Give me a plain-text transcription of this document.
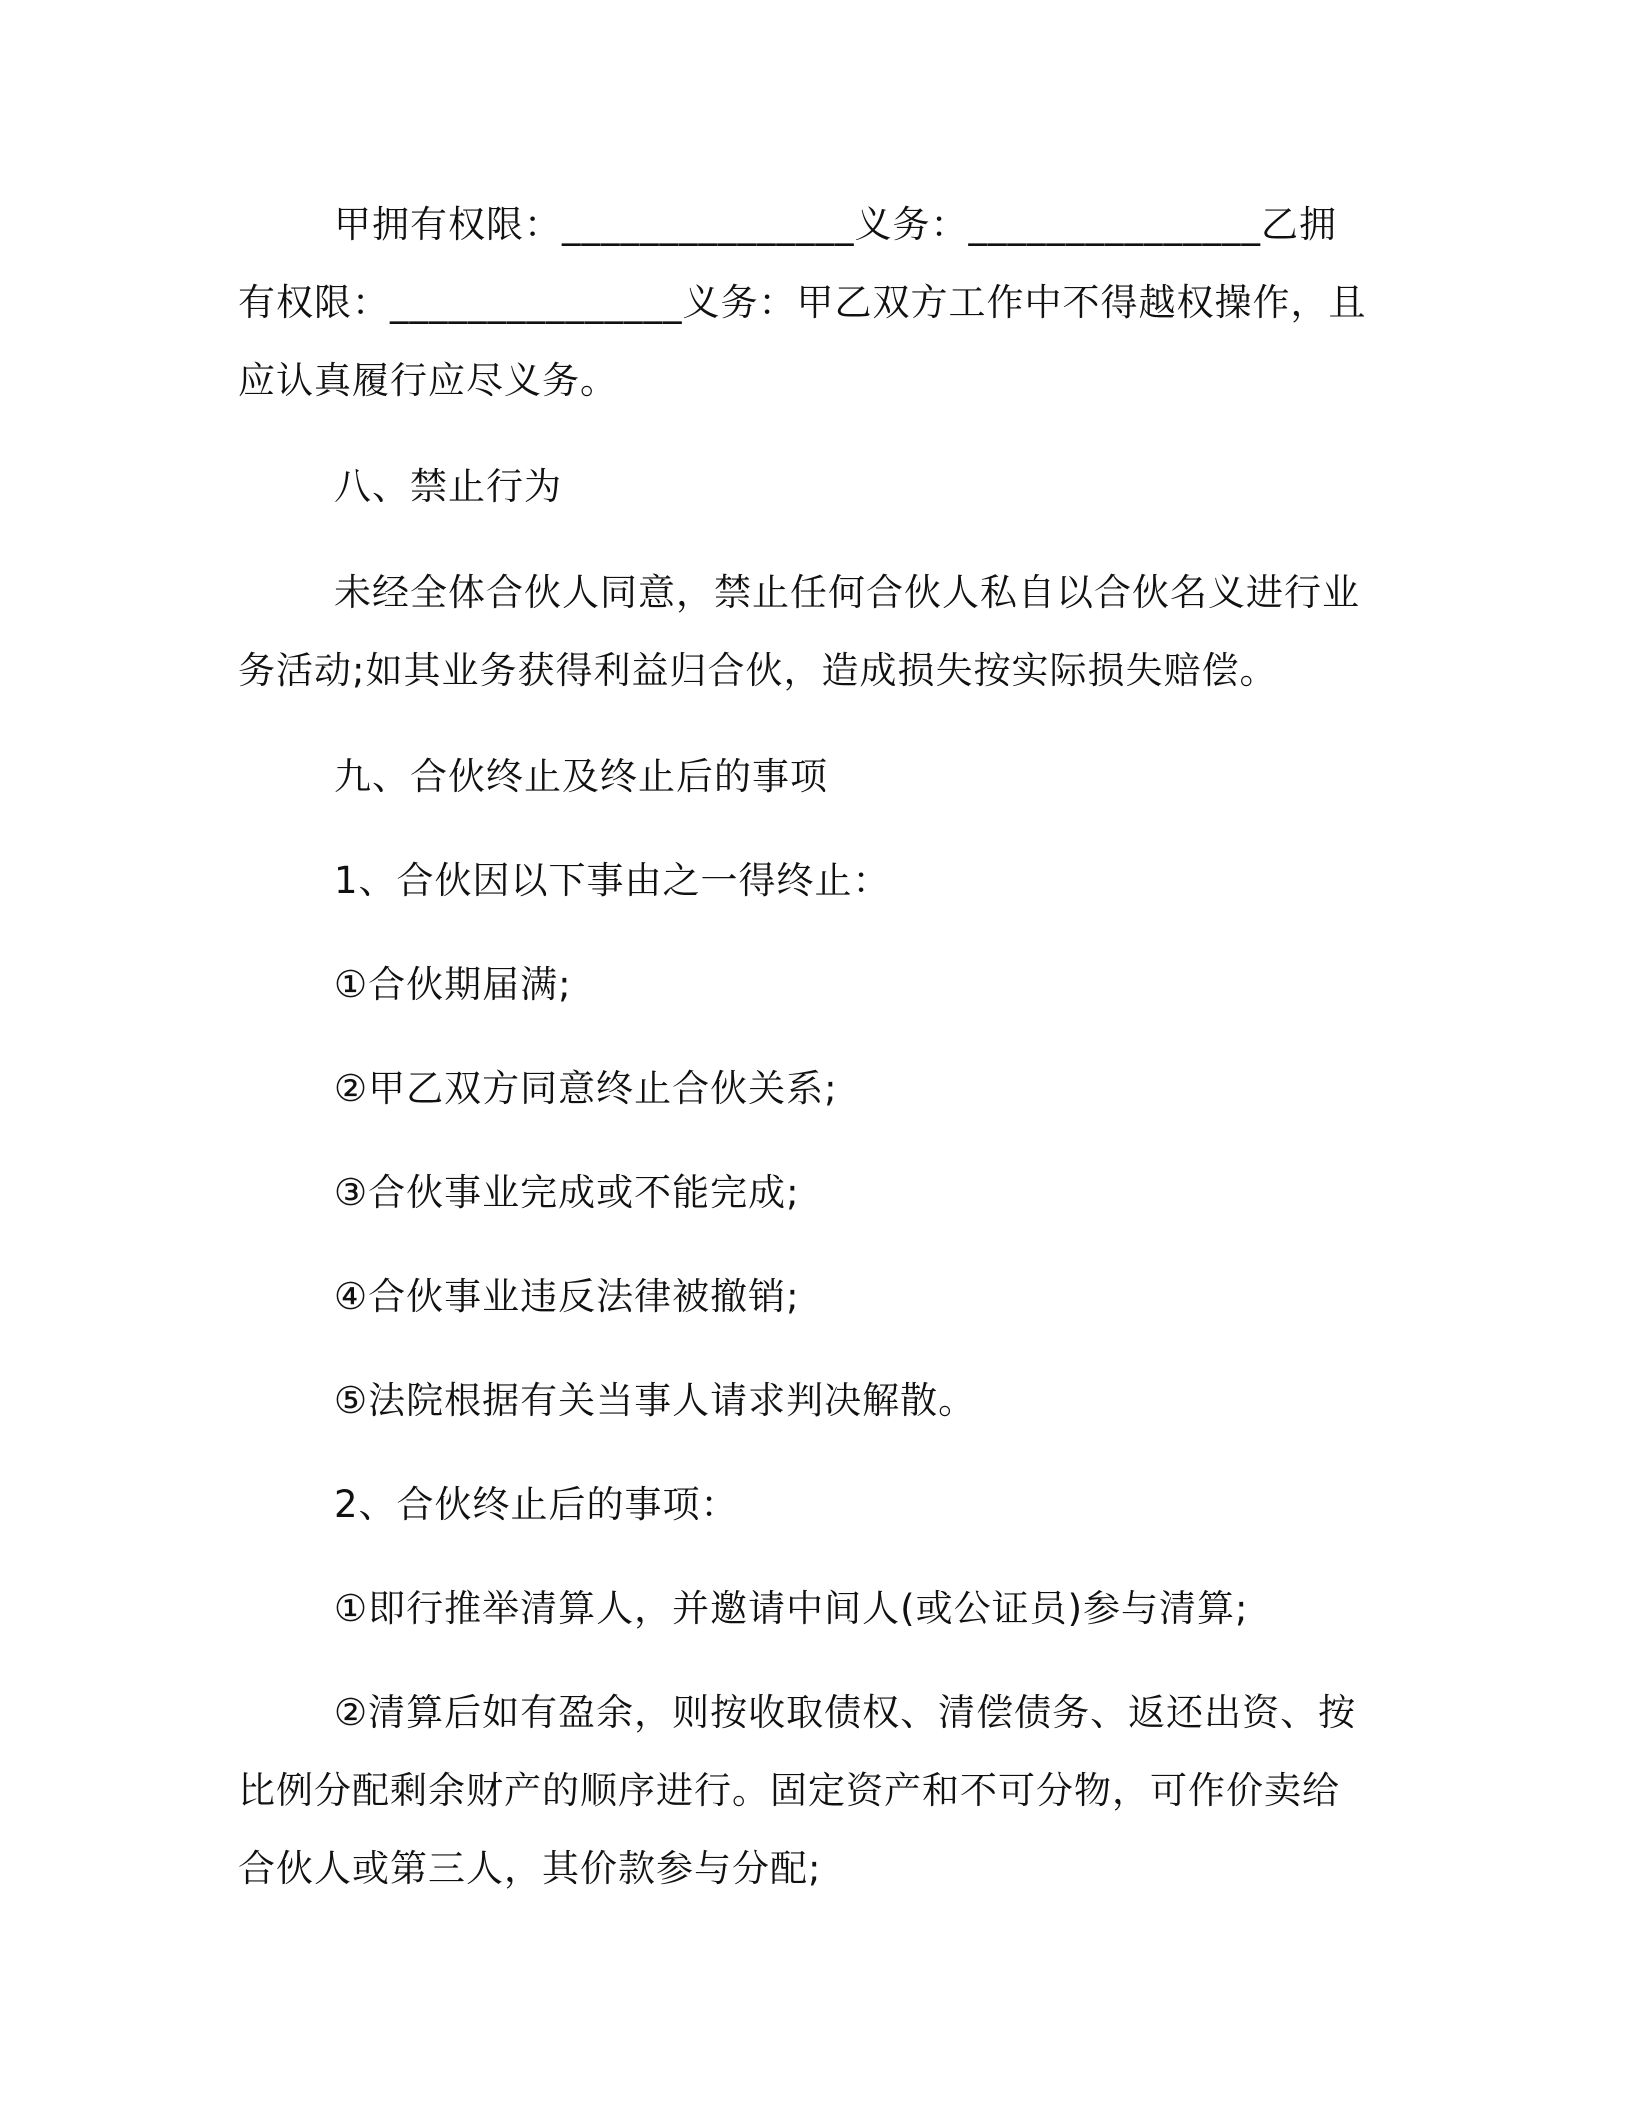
甲拥有权限：_______________义务：_______________乙拥有权限：_______________义务：甲乙双方工作中不得越权操作，且应认真履行应尽义务。

八、禁止行为

未经全体合伙人同意，禁止任何合伙人私自以合伙名义进行业务活动;如其业务获得利益归合伙，造成损失按实际损失赔偿。

九、合伙终止及终止后的事项

1、合伙因以下事由之一得终止：

①合伙期届满;

②甲乙双方同意终止合伙关系;

③合伙事业完成或不能完成;

④合伙事业违反法律被撤销;

⑤法院根据有关当事人请求判决解散。

2、合伙终止后的事项：

①即行推举清算人，并邀请中间人(或公证员)参与清算;

②清算后如有盈余，则按收取债权、清偿债务、返还出资、按比例分配剩余财产的顺序进行。固定资产和不可分物，可作价卖给合伙人或第三人，其价款参与分配;
